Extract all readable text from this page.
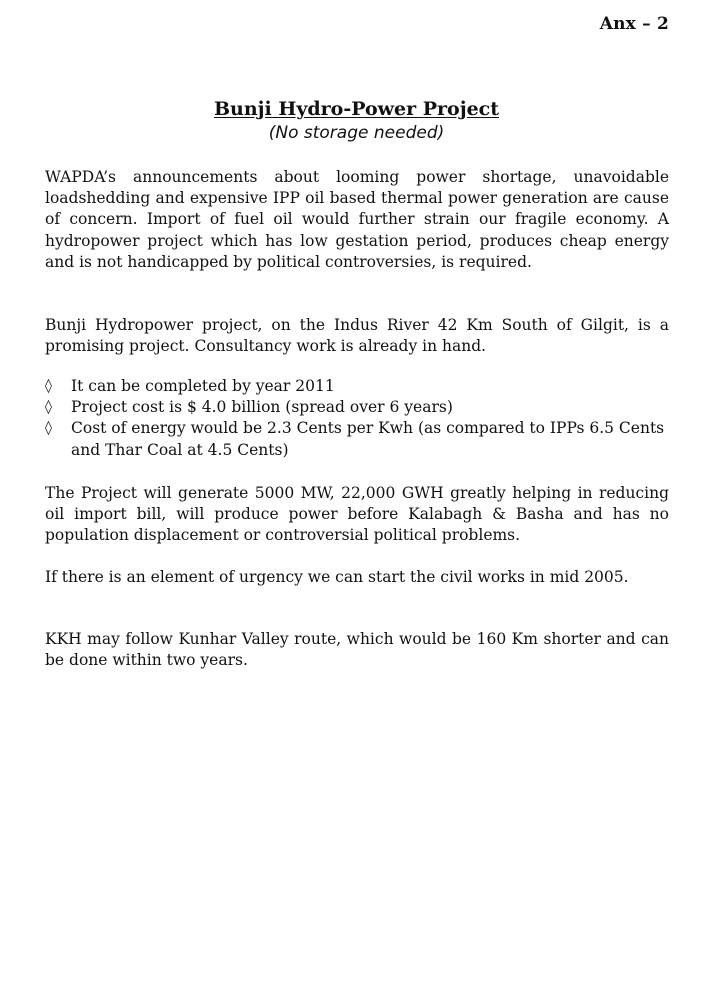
Anx – 2
Bunji Hydro-Power Project
(No storage needed)

WAPDA’s announcements about looming power shortage, unavoidable loadshedding and expensive IPP oil based thermal power generation are cause of concern. Import of fuel oil would further strain our fragile economy. A hydropower project which has low gestation period, produces cheap energy and is not handicapped by political controversies, is required.

Bunji Hydropower project, on the Indus River 42 Km South of Gilgit, is a promising project. Consultancy work is already in hand.

◊	It can be completed by year 2011
◊	Project cost is $ 4.0 billion (spread over 6 years)
◊	Cost of energy would be 2.3 Cents per Kwh (as compared to IPPs 6.5 Cents and Thar Coal at 4.5 Cents)

The Project will generate 5000 MW, 22,000 GWH greatly helping in reducing oil import bill, will produce power before Kalabagh & Basha and has no population displacement or controversial political problems.

If there is an element of urgency we can start the civil works in mid 2005.

KKH may follow Kunhar Valley route, which would be 160 Km shorter and can be done within two years.
